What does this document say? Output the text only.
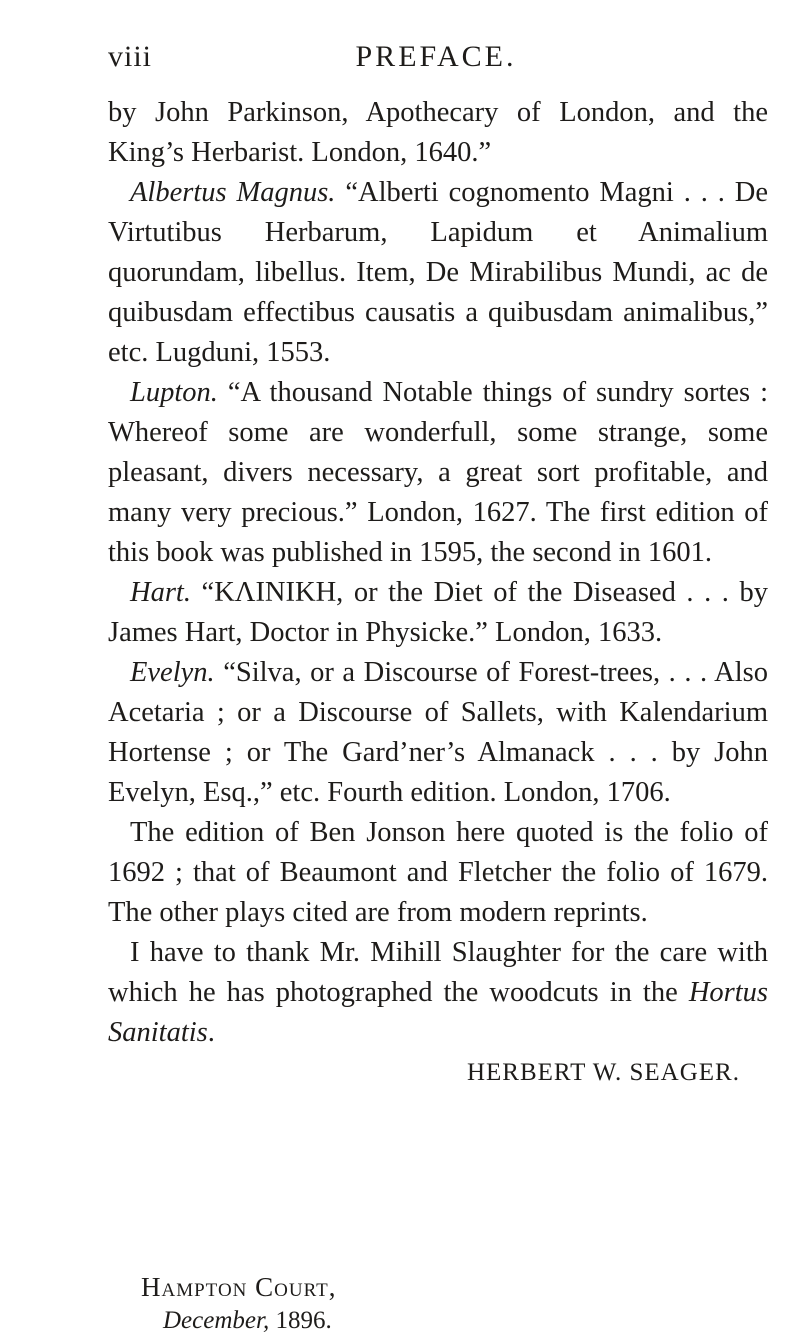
viii	PREFACE.

by John Parkinson, Apothecary of London, and the King’s Herbarist. London, 1640.”

Albertus Magnus. “Alberti cognomento Magni . . . De Virtutibus Herbarum, Lapidum et Animalium quorundam, libellus. Item, De Mirabilibus Mundi, ac de quibusdam effectibus causatis a quibusdam animalibus,” etc. Lugduni, 1553.

Lupton. “A thousand Notable things of sundry sortes : Whereof some are wonderfull, some strange, some pleasant, divers necessary, a great sort profitable, and many very precious.” London, 1627. The first edition of this book was published in 1595, the second in 1601.

Hart. “ΚΛΙΝΙΚΗ, or the Diet of the Diseased . . . by James Hart, Doctor in Physicke.” London, 1633.

Evelyn. “Silva, or a Discourse of Forest-trees, . . . Also Acetaria ; or a Discourse of Sallets, with Kalendarium Hortense ; or The Gard’ner’s Almanack . . . by John Evelyn, Esq.,” etc. Fourth edition. London, 1706.

The edition of Ben Jonson here quoted is the folio of 1692 ; that of Beaumont and Fletcher the folio of 1679. The other plays cited are from modern reprints.

I have to thank Mr. Mihill Slaughter for the care with which he has photographed the woodcuts in the Hortus Sanitatis.

HERBERT W. SEAGER.

Hampton Court,
December, 1896.
